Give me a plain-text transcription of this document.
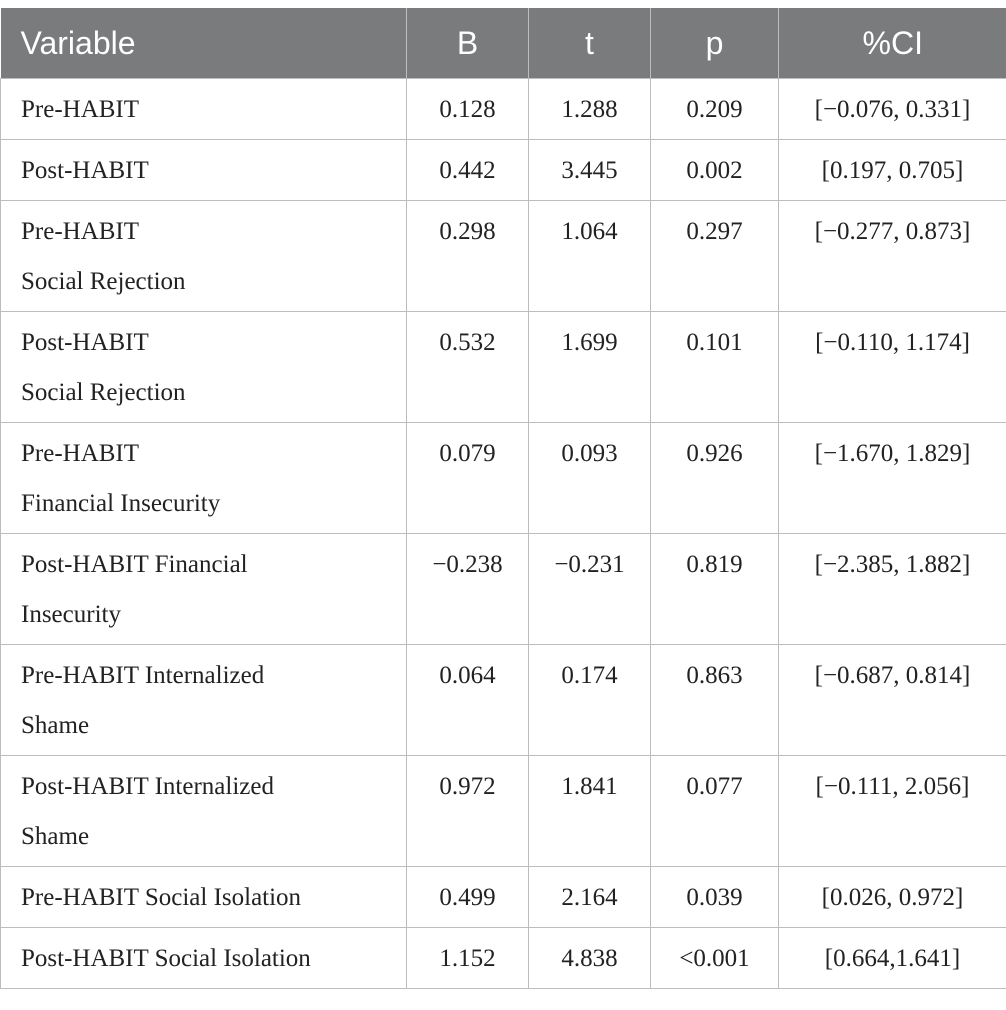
Variable	B	t	p	%CI
Pre-HABIT	0.128	1.288	0.209	[−0.076, 0.331]
Post-HABIT	0.442	3.445	0.002	[0.197, 0.705]
Pre-HABIT
Social Rejection	0.298	1.064	0.297	[−0.277, 0.873]
Post-HABIT
Social Rejection	0.532	1.699	0.101	[−0.110, 1.174]
Pre-HABIT
Financial Insecurity	0.079	0.093	0.926	[−1.670, 1.829]
Post-HABIT Financial
Insecurity	−0.238	−0.231	0.819	[−2.385, 1.882]
Pre-HABIT Internalized
Shame	0.064	0.174	0.863	[−0.687, 0.814]
Post-HABIT Internalized
Shame	0.972	1.841	0.077	[−0.111, 2.056]
Pre-HABIT Social Isolation	0.499	2.164	0.039	[0.026, 0.972]
Post-HABIT Social Isolation	1.152	4.838	<0.001	[0.664,1.641]
